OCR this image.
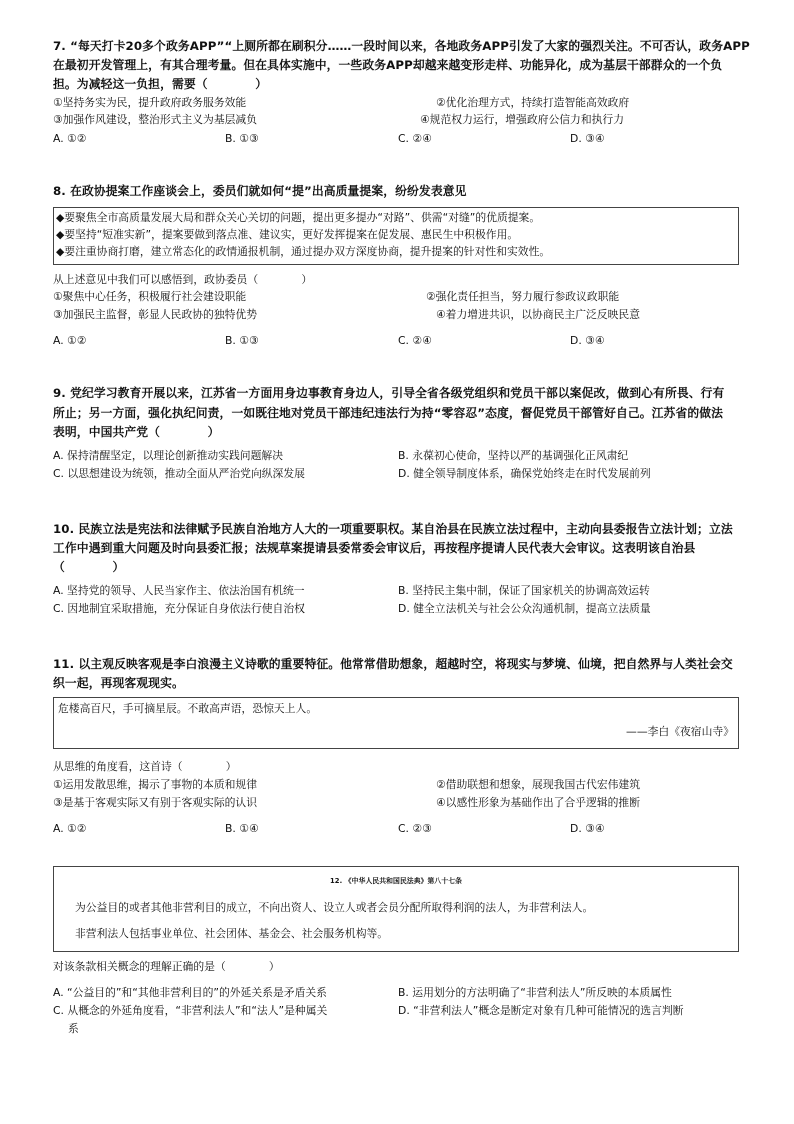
7. “每天打卡20多个政务APP”“上厕所都在刷积分……一段时间以来，各地政务APP引发了大家的强烈关注。不可否认，政务APP
在最初开发管理上，有其合理考量。但在具体实施中，一些政务APP却越来越变形走样、功能异化，成为基层干部群众的一个负
担。为减轻这一负担，需要（　　　　）
①坚持务实为民，提升政府政务服务效能	②优化治理方式，持续打造智能高效政府
③加强作风建设，整治形式主义为基层减负	④规范权力运行，增强政府公信力和执行力
A. ①②	B. ①③	C. ②④	D. ③④
8. 在政协提案工作座谈会上，委员们就如何“提”出高质量提案，纷纷发表意见
◆要聚焦全市高质量发展大局和群众关心关切的问题，提出更多提办“对路”、供需“对缝”的优质提案。
◆要坚持“短准实新”，提案要做到落点准、建议实，更好发挥提案在促发展、惠民生中积极作用。
◆要注重协商打磨，建立常态化的政情通报机制，通过提办双方深度协商，提升提案的针对性和实效性。
从上述意见中我们可以感悟到，政协委员（　　　　）
①聚焦中心任务，积极履行社会建设职能	②强化责任担当，努力履行参政议政职能
③加强民主监督，彰显人民政协的独特优势	④着力增进共识，以协商民主广泛反映民意
A. ①②	B. ①③	C. ②④	D. ③④
9. 党纪学习教育开展以来，江苏省一方面用身边事教育身边人，引导全省各级党组织和党员干部以案促改，做到心有所畏、行有
所止；另一方面，强化执纪问责，一如既往地对党员干部违纪违法行为持“零容忍”态度，督促党员干部管好自己。江苏省的做法
表明，中国共产党（　　　　）
A. 保持清醒坚定，以理论创新推动实践问题解决	B. 永葆初心使命，坚持以严的基调强化正风肃纪
C. 以思想建设为统领，推动全面从严治党向纵深发展	D. 健全领导制度体系，确保党始终走在时代发展前列
10. 民族立法是宪法和法律赋予民族自治地方人大的一项重要职权。某自治县在民族立法过程中，主动向县委报告立法计划；立法
工作中遇到重大问题及时向县委汇报；法规草案提请县委常委会审议后，再按程序提请人民代表大会审议。这表明该自治县
（　　　　）
A. 坚持党的领导、人民当家作主、依法治国有机统一	B. 坚持民主集中制，保证了国家机关的协调高效运转
C. 因地制宜采取措施，充分保证自身依法行使自治权	D. 健全立法机关与社会公众沟通机制，提高立法质量
11. 以主观反映客观是李白浪漫主义诗歌的重要特征。他常常借助想象，超越时空，将现实与梦境、仙境，把自然界与人类社会交
织一起，再现客观现实。
危楼高百尺，手可摘星辰。不敢高声语，恐惊天上人。
——李白《夜宿山寺》
从思维的角度看，这首诗（　　　　）
①运用发散思维，揭示了事物的本质和规律	②借助联想和想象，展现我国古代宏伟建筑
③是基于客观实际又有别于客观实际的认识	④以感性形象为基础作出了合乎逻辑的推断
A. ①②	B. ①④	C. ②③	D. ③④
12. 《中华人民共和国民法典》第八十七条
为公益目的或者其他非营利目的成立，不向出资人、设立人或者会员分配所取得利润的法人，为非营利法人。
非营利法人包括事业单位、社会团体、基金会、社会服务机构等。
对该条款相关概念的理解正确的是（　　　　）
A. “公益目的”和“其他非营利目的”的外延关系是矛盾关系	B. 运用划分的方法明确了“非营利法人”所反映的本质属性
C. 从概念的外延角度看，“非营利法人”和“法人”是种属关
系
D. “非营利法人”概念是断定对象有几种可能情况的选言判断
